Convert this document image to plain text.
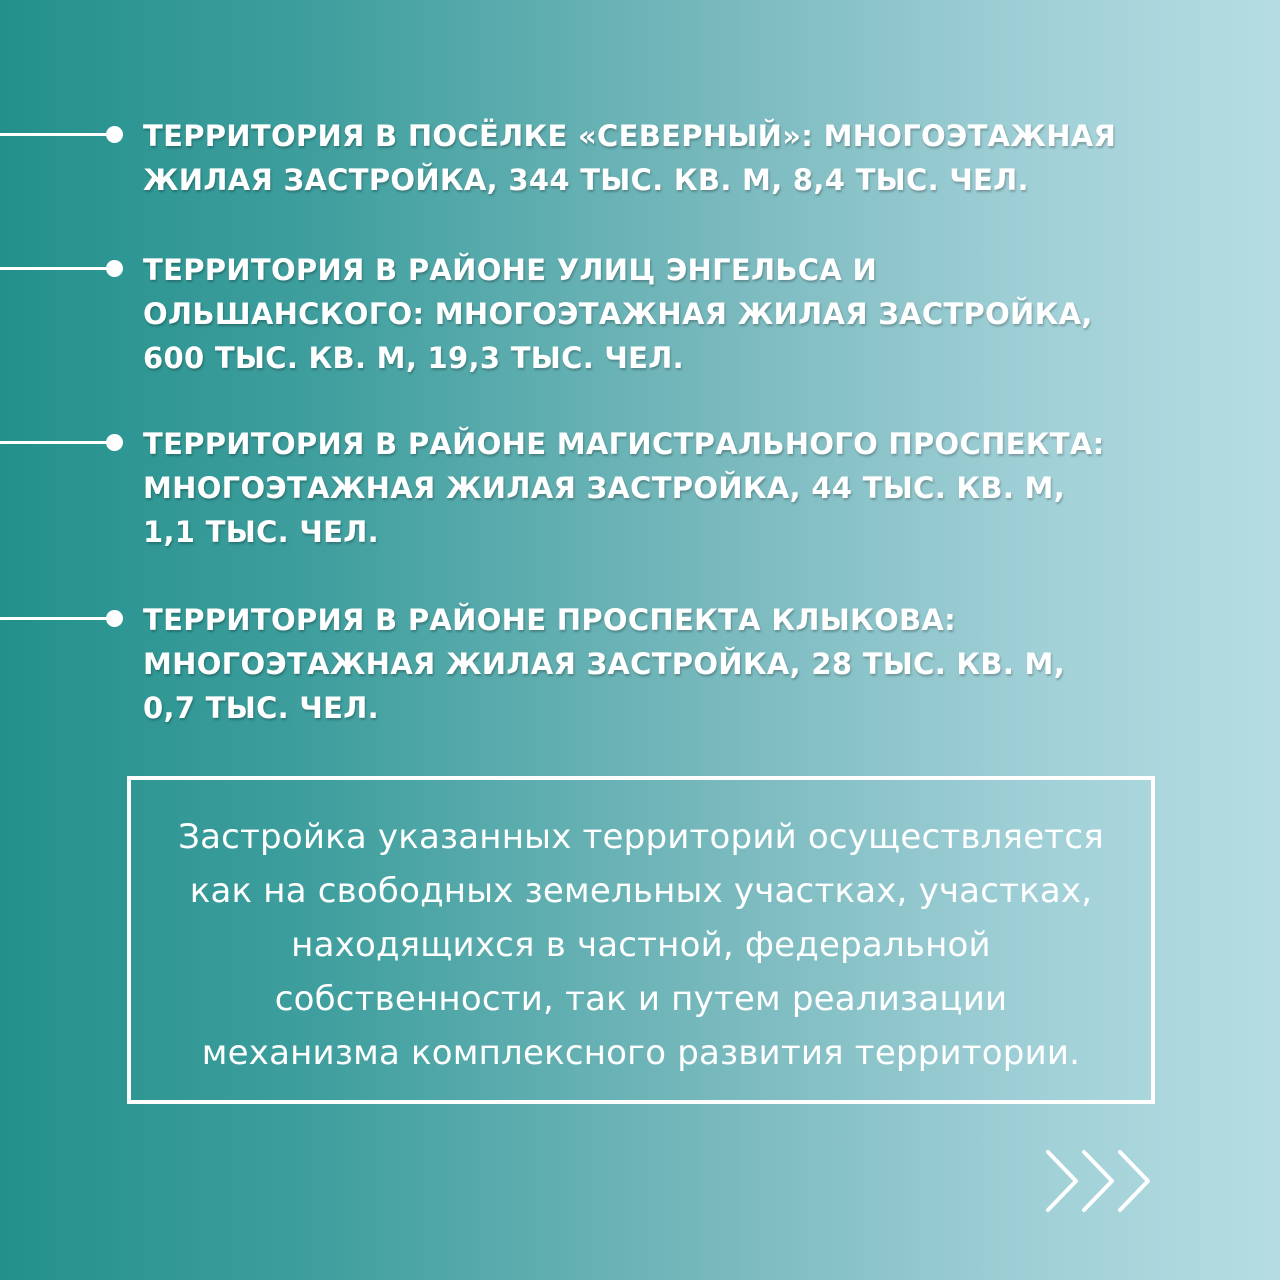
ТЕРРИТОРИЯ В ПОСЁЛКЕ «СЕВЕРНЫЙ»: МНОГОЭТАЖНАЯ
ЖИЛАЯ ЗАСТРОЙКА, 344 ТЫС. КВ. М, 8,4 ТЫС. ЧЕЛ.
ТЕРРИТОРИЯ В РАЙОНЕ УЛИЦ ЭНГЕЛЬСА И
ОЛЬШАНСКОГО: МНОГОЭТАЖНАЯ ЖИЛАЯ ЗАСТРОЙКА,
600 ТЫС. КВ. М, 19,3 ТЫС. ЧЕЛ.
ТЕРРИТОРИЯ В РАЙОНЕ МАГИСТРАЛЬНОГО ПРОСПЕКТА:
МНОГОЭТАЖНАЯ ЖИЛАЯ ЗАСТРОЙКА, 44 ТЫС. КВ. М,
1,1 ТЫС. ЧЕЛ.
ТЕРРИТОРИЯ В РАЙОНЕ ПРОСПЕКТА КЛЫКОВА:
МНОГОЭТАЖНАЯ ЖИЛАЯ ЗАСТРОЙКА, 28 ТЫС. КВ. М,
0,7 ТЫС. ЧЕЛ.
Застройка указанных территорий осуществляется
как на свободных земельных участках, участках,
находящихся в частной, федеральной
собственности, так и путем реализации
механизма комплексного развития территории.
